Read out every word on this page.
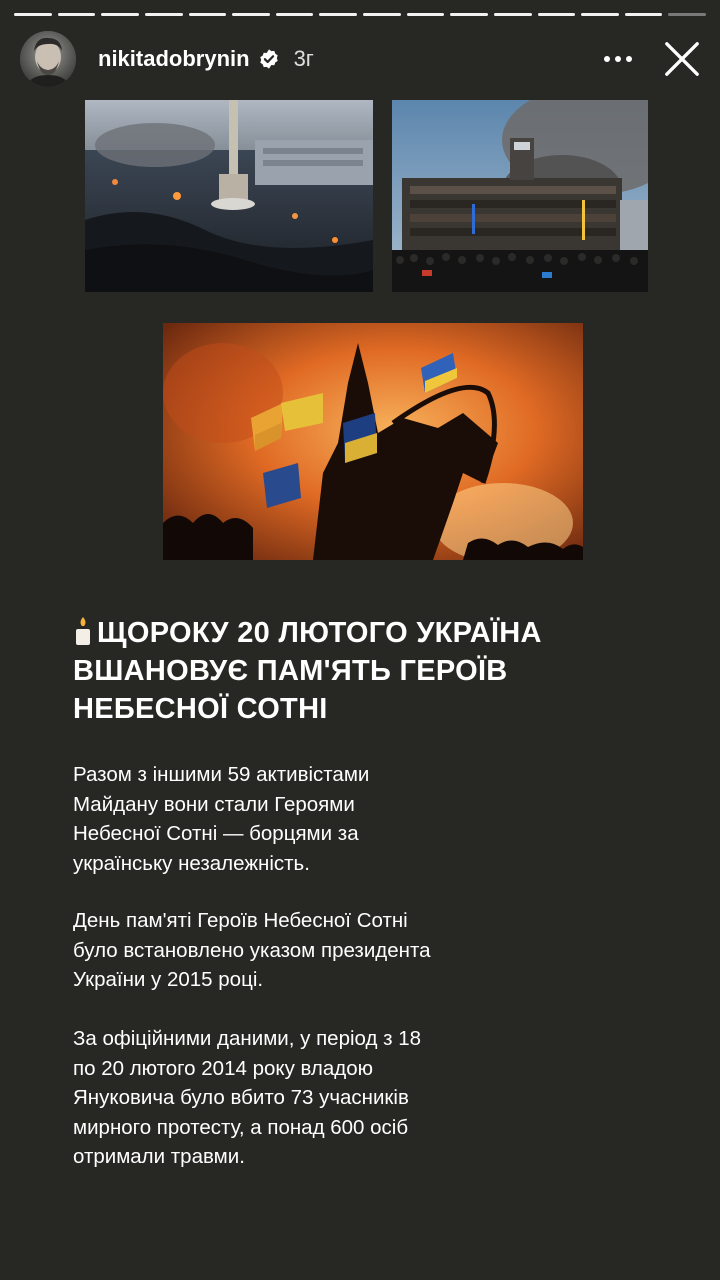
nikitadobrynin 3г
ЩОРОКУ 20 ЛЮТОГО УКРАЇНА
ВШАНОВУЄ ПАМ'ЯТЬ ГЕРОЇВ
НЕБЕСНОЇ СОТНІ
Разом з іншими 59 активістами
Майдану вони стали Героями
Небесної Сотні — борцями за
українську незалежність.
День пам'яті Героїв Небесної Сотні
було встановлено указом президента
України у 2015 році.
За офіційними даними, у період з 18
по 20 лютого 2014 року владою
Януковича було вбито 73 учасників
мирного протесту, а понад 600 осіб
отримали травми.
